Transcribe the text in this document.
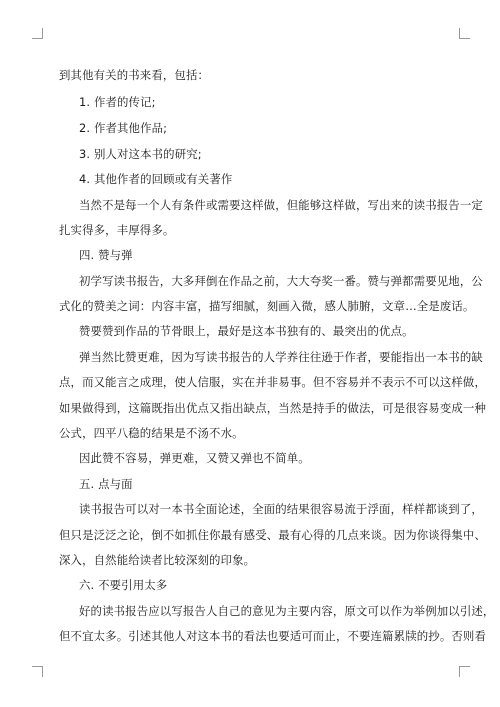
到其他有关的书来看，包括：
1. 作者的传记;
2. 作者其他作品;
3. 别人对这本书的研究;
4. 其他作者的回顾或有关著作
当然不是每一个人有条件或需要这样做，但能够这样做，写出来的读书报告一定
扎实得多，丰厚得多。
四. 赞与弹
初学写读书报告，大多拜倒在作品之前，大大夸奖一番。赞与弹都需要见地，公
式化的赞美之词：内容丰富，描写细腻，刻画入微，感人肺腑，文章…全是废话。
赞要赞到作品的节骨眼上，最好是这本书独有的、最突出的优点。
弹当然比赞更难，因为写读书报告的人学养往往逊于作者，要能指出一本书的缺
点，而又能言之成理，使人信服，实在并非易事。但不容易并不表示不可以这样做，
如果做得到，这篇既指出优点又指出缺点，当然是持手的做法，可是很容易变成一种
公式，四平八稳的结果是不汤不水。
因此赞不容易，弹更难，又赞又弹也不简单。
五. 点与面
读书报告可以对一本书全面论述，全面的结果很容易流于浮面，样样都谈到了，
但只是泛泛之论，倒不如抓住你最有感受、最有心得的几点来谈。因为你谈得集中、
深入，自然能给读者比较深刻的印象。
六. 不要引用太多
好的读书报告应以写报告人自己的意见为主要内容，原文可以作为举例加以引述，
但不宜太多。引述其他人对这本书的看法也要适可而止，不要连篇累牍的抄。否则看
